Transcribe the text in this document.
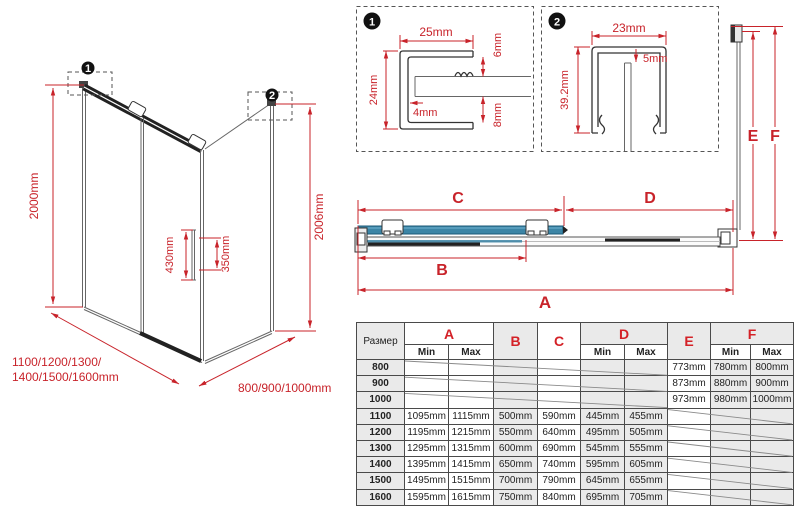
1
2
2000mm	2006mm
430mm	350mm
1100/1200/1300/
1400/1500/1600mm
800/900/1000mm
1
25mm
24mm
4mm
6mm
8mm
2	23mm
5mm
39.2mm
C	D
B
A
E F
Размер	A		B	C	D		E	F	
	Min	Max			Min	Max		Min	Max
800							773mm	780mm	800mm
900							873mm	880mm	900mm
1000							973mm	980mm	1000mm
1100	1095mm	1115mm	500mm	590mm	445mm	455mm			
1200	1195mm	1215mm	550mm	640mm	495mm	505mm			
1300	1295mm	1315mm	600mm	690mm	545mm	555mm			
1400	1395mm	1415mm	650mm	740mm	595mm	605mm			
1500	1495mm	1515mm	700mm	790mm	645mm	655mm			
1600	1595mm	1615mm	750mm	840mm	695mm	705mm			
